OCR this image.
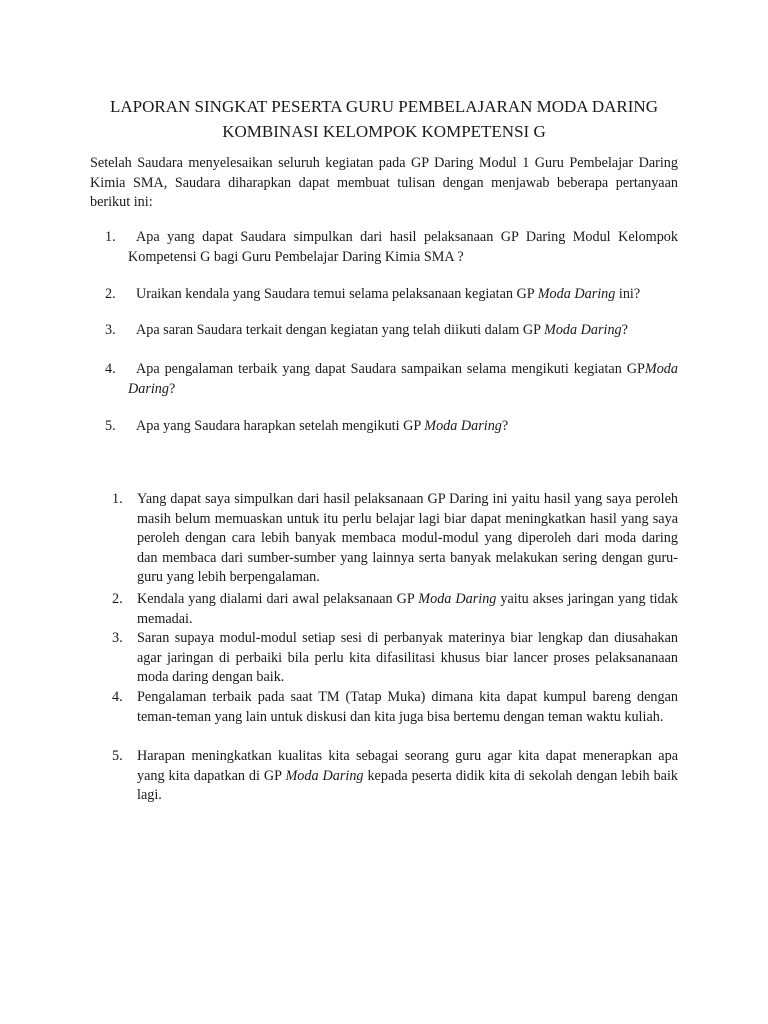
LAPORAN SINGKAT PESERTA GURU PEMBELAJARAN MODA DARING
KOMBINASI KELOMPOK KOMPETENSI G
Setelah Saudara menyelesaikan seluruh kegiatan pada GP Daring Modul 1 Guru Pembelajar Daring Kimia SMA, Saudara diharapkan dapat membuat tulisan dengan menjawab beberapa pertanyaan berikut ini:
1.	Apa yang dapat Saudara simpulkan dari hasil pelaksanaan GP Daring Modul Kelompok Kompetensi G bagi Guru Pembelajar Daring Kimia SMA ?
2.	Uraikan kendala yang Saudara temui selama pelaksanaan kegiatan GP Moda Daring ini?
3.	Apa saran Saudara terkait dengan kegiatan yang telah diikuti dalam GP Moda Daring?
4.	Apa pengalaman terbaik yang dapat Saudara sampaikan selama mengikuti kegiatan GPModa Daring?
5.	Apa yang Saudara harapkan setelah mengikuti GP Moda Daring?
1. Yang dapat saya simpulkan dari hasil pelaksanaan GP Daring ini yaitu hasil yang saya peroleh masih belum memuaskan untuk itu perlu belajar lagi biar dapat meningkatkan hasil yang saya peroleh dengan cara lebih banyak membaca modul-modul yang diperoleh dari moda daring dan membaca dari sumber-sumber yang lainnya serta banyak melakukan sering dengan guru-guru yang lebih berpengalaman.
2. Kendala yang dialami dari awal pelaksanaan GP Moda Daring yaitu akses jaringan yang tidak memadai.
3. Saran supaya modul-modul setiap sesi di perbanyak materinya biar lengkap dan diusahakan agar jaringan di perbaiki bila perlu kita difasilitasi khusus biar lancer proses pelaksananaan moda daring dengan baik.
4. Pengalaman terbaik pada saat TM (Tatap Muka) dimana kita dapat kumpul bareng dengan teman-teman yang lain untuk diskusi dan kita juga bisa bertemu dengan teman waktu kuliah.
5. Harapan meningkatkan kualitas kita sebagai seorang guru agar kita dapat menerapkan apa yang kita dapatkan di GP Moda Daring kepada peserta didik kita di sekolah dengan lebih baik lagi.
